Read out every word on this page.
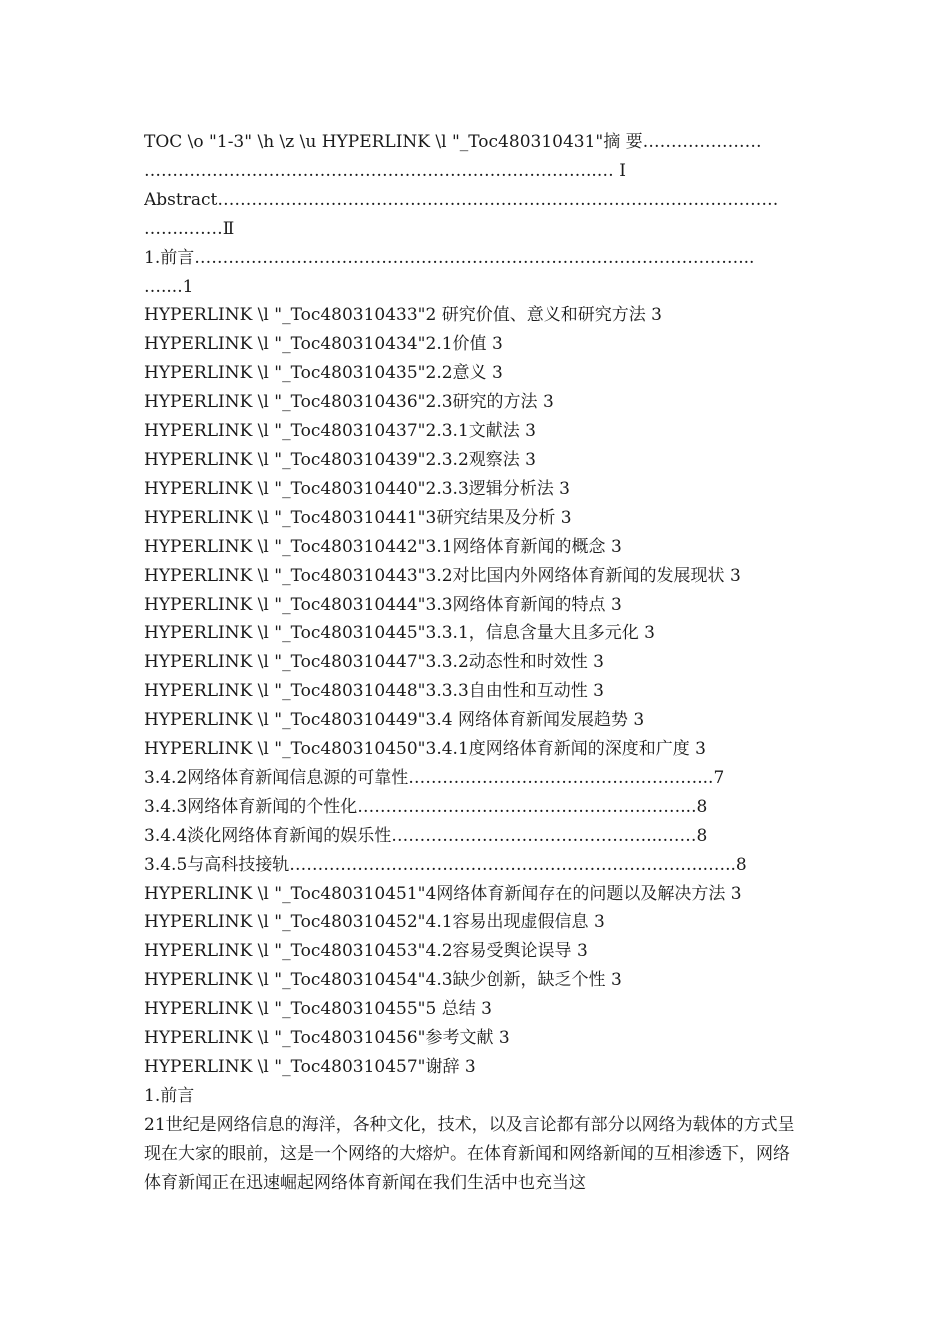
TOC \o "1-3" \h \z \u HYPERLINK \l "_Toc480310431"摘 要…………………
……………………………………………………………………..… I
Abstract………………………………………………………………………………………
……..……Ⅱ
1.前言……………………………………………………………………………………...
…....1
HYPERLINK \l "_Toc480310433"2 研究价值、意义和研究方法 3
HYPERLINK \l "_Toc480310434"2.1价值 3
HYPERLINK \l "_Toc480310435"2.2意义 3
HYPERLINK \l "_Toc480310436"2.3研究的方法 3
HYPERLINK \l "_Toc480310437"2.3.1文献法 3
HYPERLINK \l "_Toc480310439"2.3.2观察法 3
HYPERLINK \l "_Toc480310440"2.3.3逻辑分析法 3
HYPERLINK \l "_Toc480310441"3研究结果及分析 3
HYPERLINK \l "_Toc480310442"3.1网络体育新闻的概念 3
HYPERLINK \l "_Toc480310443"3.2对比国内外网络体育新闻的发展现状 3
HYPERLINK \l "_Toc480310444"3.3网络体育新闻的特点 3
HYPERLINK \l "_Toc480310445"3.3.1，信息含量大且多元化 3
HYPERLINK \l "_Toc480310447"3.3.2动态性和时效性 3
HYPERLINK \l "_Toc480310448"3.3.3自由性和互动性 3
HYPERLINK \l "_Toc480310449"3.4 网络体育新闻发展趋势 3
HYPERLINK \l "_Toc480310450"3.4.1度网络体育新闻的深度和广度 3
3.4.2网络体育新闻信息源的可靠性……………………………………………...7
3.4.3网络体育新闻的个性化…………………………………………………...8
3.4.4淡化网络体育新闻的娱乐性………………………………………...……8
3.4.5与高科技接轨………………………………………………………………..…..8
HYPERLINK \l "_Toc480310451"4网络体育新闻存在的问题以及解决方法 3
HYPERLINK \l "_Toc480310452"4.1容易出现虚假信息 3
HYPERLINK \l "_Toc480310453"4.2容易受舆论误导 3
HYPERLINK \l "_Toc480310454"4.3缺少创新，缺乏个性 3
HYPERLINK \l "_Toc480310455"5 总结 3
HYPERLINK \l "_Toc480310456"参考文献 3
HYPERLINK \l "_Toc480310457"谢辞 3
1.前言
21世纪是网络信息的海洋，各种文化，技术，以及言论都有部分以网络为载体的方式呈现在大家的眼前，这是一个网络的大熔炉。在体育新闻和网络新闻的互相渗透下，网络体育新闻正在迅速崛起网络体育新闻在我们生活中也充当这
